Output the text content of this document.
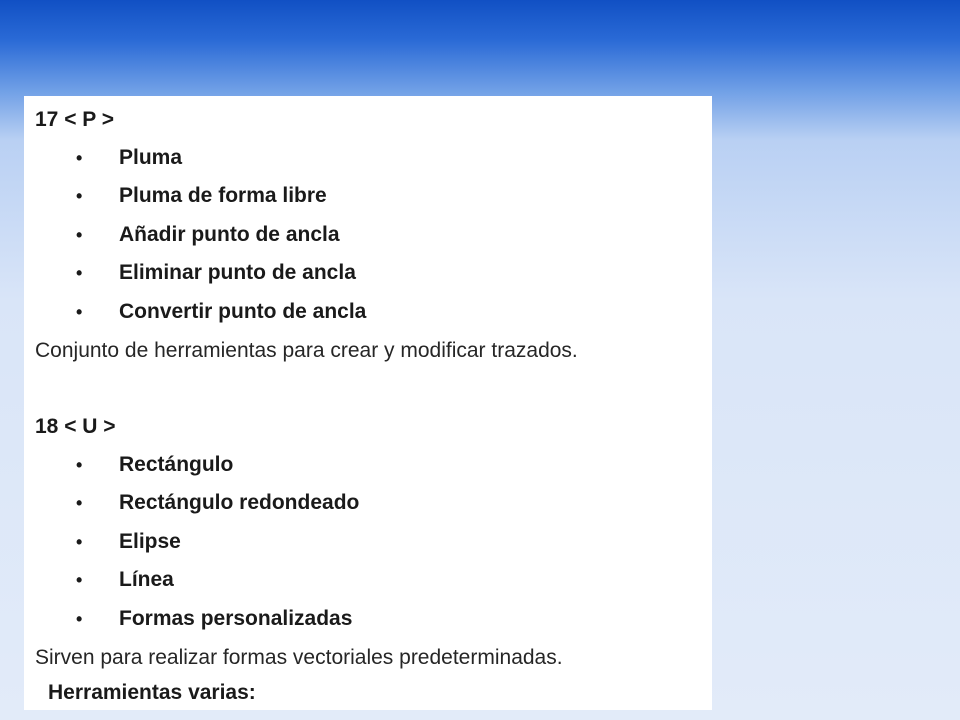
17 < P >
• Pluma
• Pluma de forma libre
• Añadir punto de ancla
• Eliminar punto de ancla
• Convertir punto de ancla
Conjunto de herramientas para crear y modificar trazados.
18 < U >
• Rectángulo
• Rectángulo redondeado
• Elipse
• Línea
• Formas personalizadas
Sirven para realizar formas vectoriales predeterminadas.
Herramientas varias:
